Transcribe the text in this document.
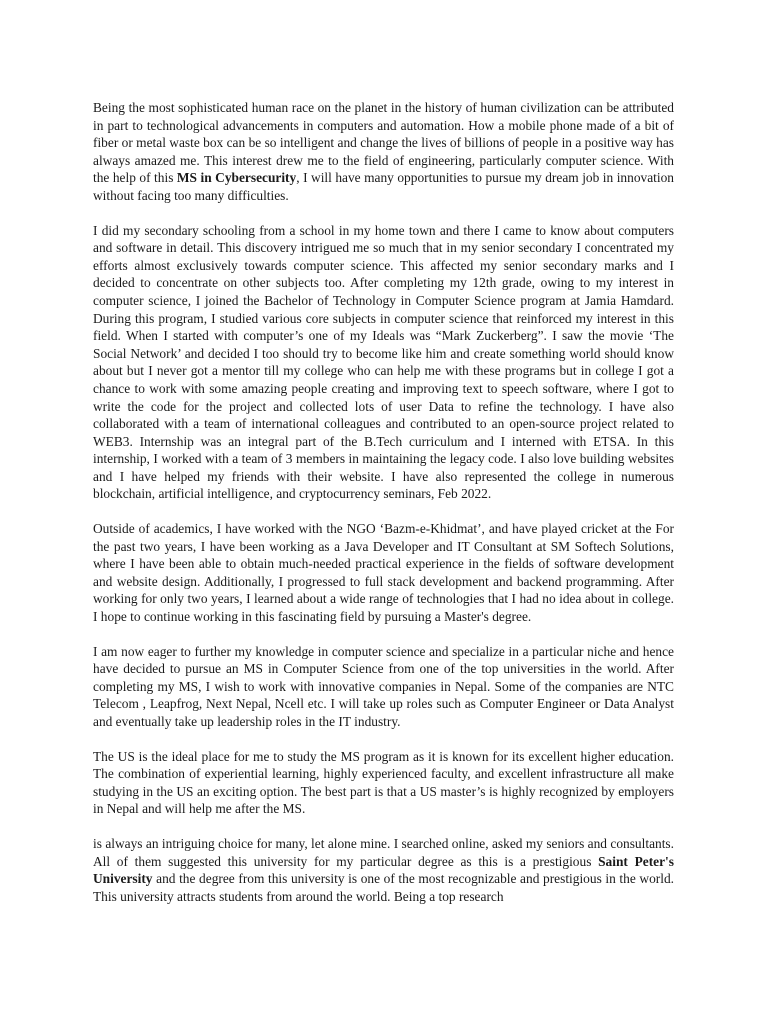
Being the most sophisticated human race on the planet in the history of human civilization can be attributed in part to technological advancements in computers and automation. How a mobile phone made of a bit of fiber or metal waste box can be so intelligent and change the lives of billions of people in a positive way has always amazed me. This interest drew me to the field of engineering, particularly computer science. With the help of this MS in Cybersecurity, I will have many opportunities to pursue my dream job in innovation without facing too many difficulties.

I did my secondary schooling from a school in my home town and there I came to know about computers and software in detail. This discovery intrigued me so much that in my senior secondary I concentrated my efforts almost exclusively towards computer science. This affected my senior secondary marks and I decided to concentrate on other subjects too. After completing my 12th grade, owing to my interest in computer science, I joined the Bachelor of Technology in Computer Science program at Jamia Hamdard. During this program, I studied various core subjects in computer science that reinforced my interest in this field. When I started with computer’s one of my Ideals was “Mark Zuckerberg”. I saw the movie ‘The Social Network’ and decided I too should try to become like him and create something world should know about but I never got a mentor till my college who can help me with these programs but in college I got a chance to work with some amazing people creating and improving text to speech software, where I got to write the code for the project and collected lots of user Data to refine the technology. I have also collaborated with a team of international colleagues and contributed to an open-source project related to WEB3. Internship was an integral part of the B.Tech curriculum and I interned with ETSA. In this internship, I worked with a team of 3 members in maintaining the legacy code. I also love building websites and I have helped my friends with their website. I have also represented the college in numerous blockchain, artificial intelligence, and cryptocurrency seminars, Feb 2022.

Outside of academics, I have worked with the NGO ‘Bazm-e-Khidmat’, and have played cricket at the For the past two years, I have been working as a Java Developer and IT Consultant at SM Softech Solutions, where I have been able to obtain much-needed practical experience in the fields of software development and website design. Additionally, I progressed to full stack development and backend programming. After working for only two years, I learned about a wide range of technologies that I had no idea about in college. I hope to continue working in this fascinating field by pursuing a Master's degree.

I am now eager to further my knowledge in computer science and specialize in a particular niche and hence have decided to pursue an MS in Computer Science from one of the top universities in the world. After completing my MS, I wish to work with innovative companies in Nepal. Some of the companies are NTC Telecom , Leapfrog, Next Nepal, Ncell etc. I will take up roles such as Computer Engineer or Data Analyst and eventually take up leadership roles in the IT industry.

The US is the ideal place for me to study the MS program as it is known for its excellent higher education. The combination of experiential learning, highly experienced faculty, and excellent infrastructure all make studying in the US an exciting option. The best part is that a US master’s is highly recognized by employers in Nepal and will help me after the MS.

is always an intriguing choice for many, let alone mine. I searched online, asked my seniors and consultants. All of them suggested this university for my particular degree as this is a prestigious Saint Peter's University and the degree from this university is one of the most recognizable and prestigious in the world. This university attracts students from around the world. Being a top research
